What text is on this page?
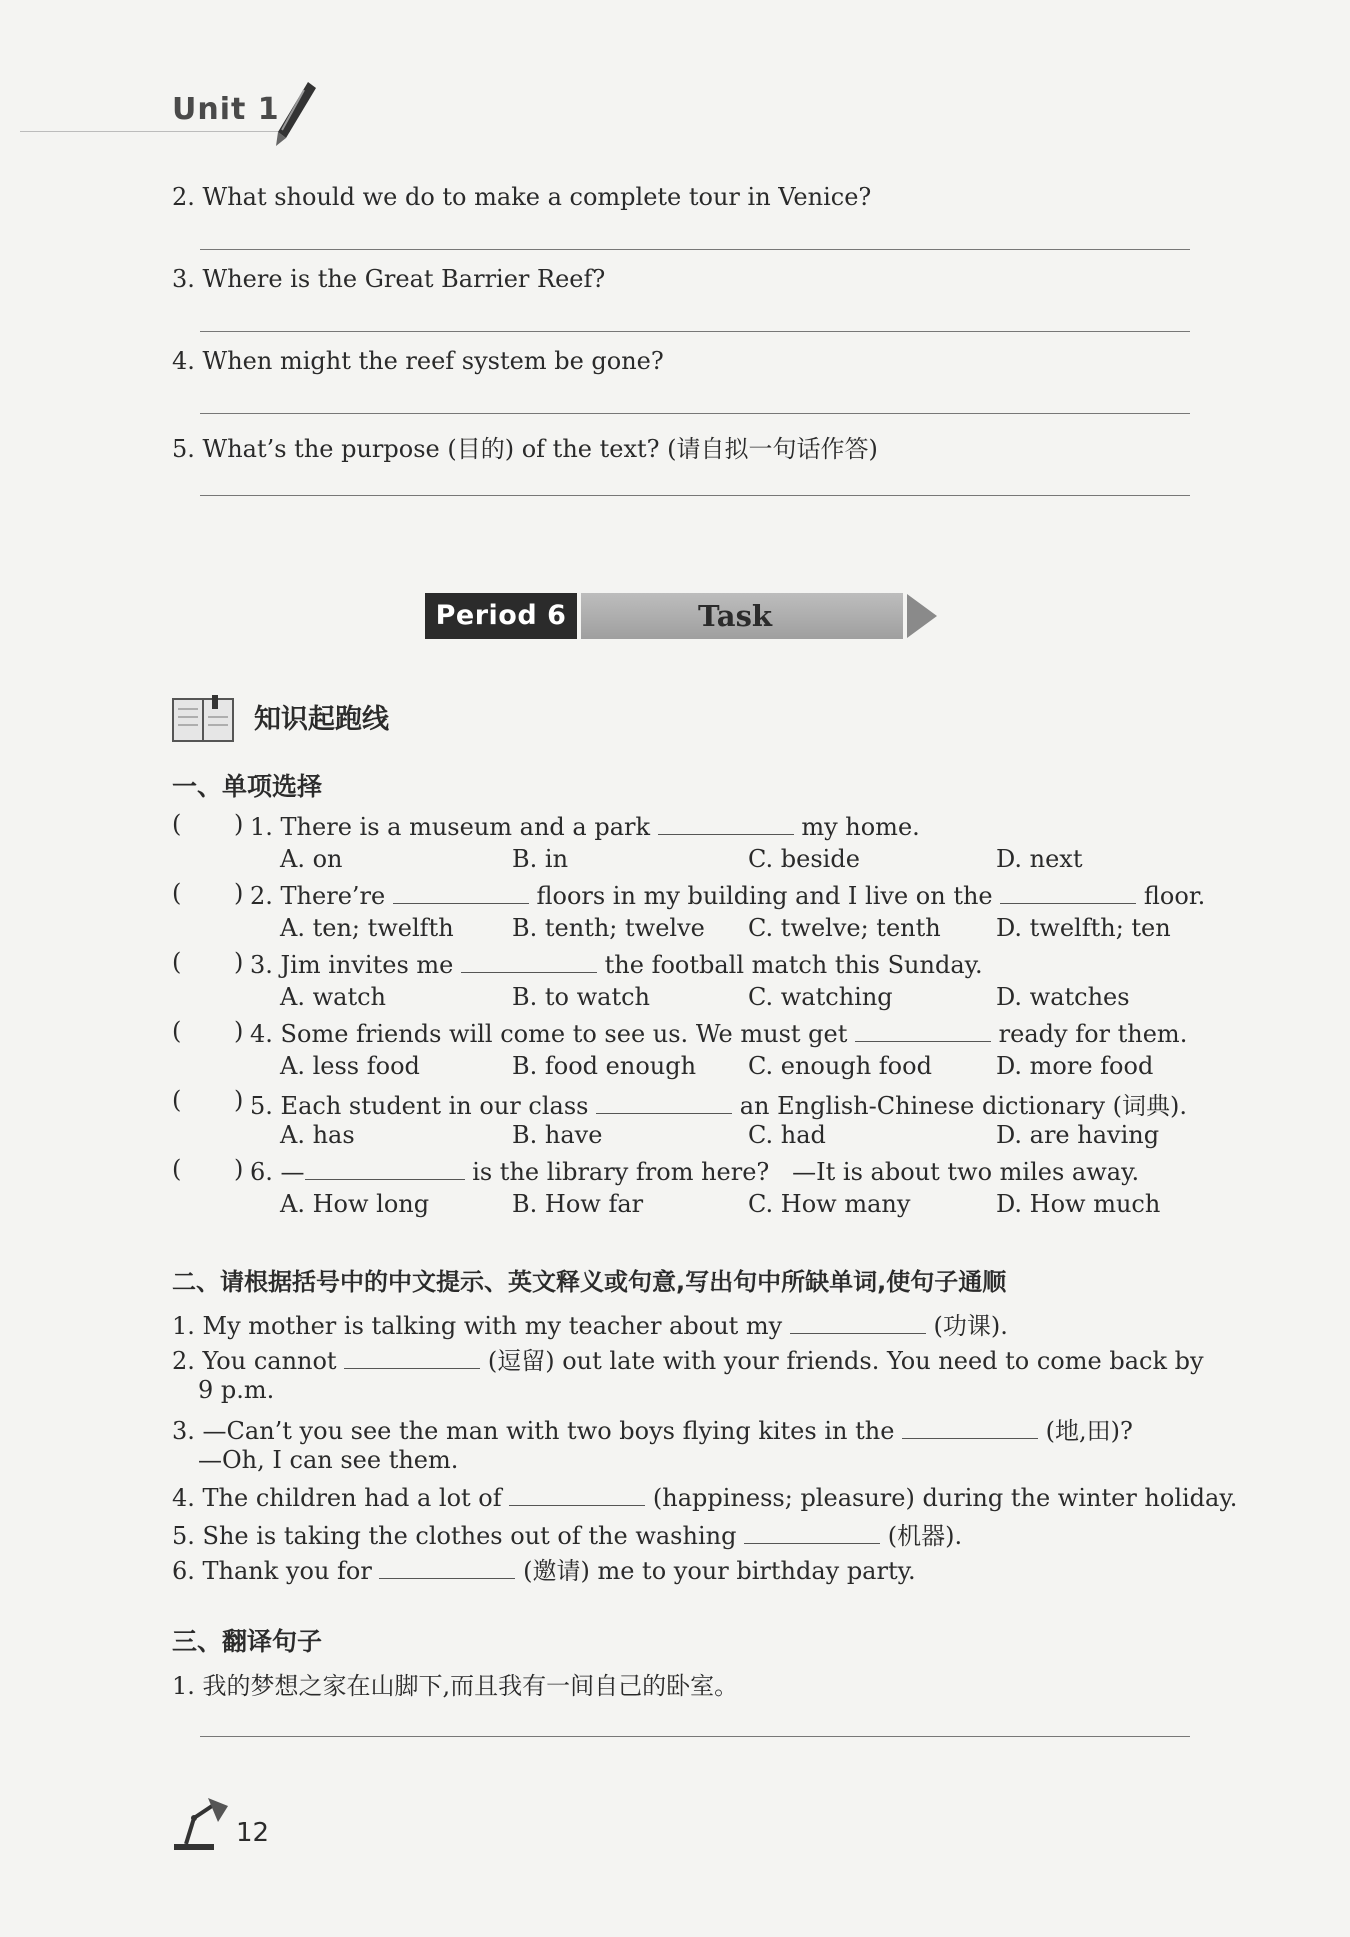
Unit 1
2. What should we do to make a complete tour in Venice?
3. Where is the Great Barrier Reef?
4. When might the reef system be gone?
5. What’s the purpose (目的) of the text? (请自拟一句话作答)
Period 6	Task
知识起跑线
一、单项选择
( ) 1. There is a museum and a park	my home.
A. on	B. in	C. beside	D. next
( ) 2. There’re	floors in my building and I live on the	floor.
A. ten; twelfth B. tenth; twelve C. twelve; tenth D. twelfth; ten
( ) 3. Jim invites me	the football match this Sunday.
A. watch	B. to watch	C. watching	D. watches
( ) 4. Some friends will come to see us. We must get	ready for them.
A. less food	B. food enough C. enough food	D. more food
( ) 5. Each student in our class	an English-Chinese dictionary (词典).
A. has	B. have	C. had	D. are having
( ) 6. —	is the library from here?   —It is about two miles away.
A. How long	B. How far	C. How many	D. How much
二、请根据括号中的中文提示、英文释义或句意,写出句中所缺单词,使句子通顺
1. My mother is talking with my teacher about my	(功课).
2. You cannot	(逗留) out late with your friends. You need to come back by
9 p.m.
3. —Can’t you see the man with two boys flying kites in the	(地,田)?
—Oh, I can see them.
4. The children had a lot of	(happiness; pleasure) during the winter holiday.
5. She is taking the clothes out of the washing	(机器).
6. Thank you for	(邀请) me to your birthday party.
三、翻译句子
1. 我的梦想之家在山脚下,而且我有一间自己的卧室。
12
